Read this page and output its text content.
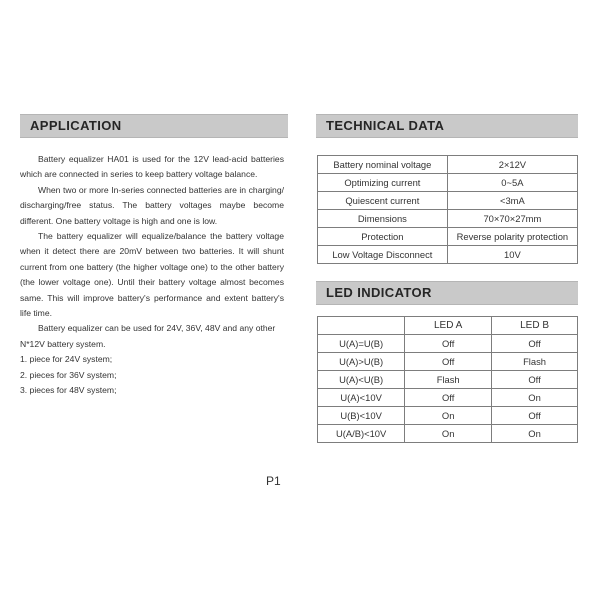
APPLICATION

Battery equalizer HA01 is used for the 12V lead-acid batteries which are connected in series to keep battery voltage balance.

When two or more In-series connected batteries are in charging/ discharging/free status. The battery voltages maybe become different. One battery voltage is high and one is low.

The battery equalizer will equalize/balance the battery voltage when it detect there are 20mV between two batteries. It will shunt current from one battery (the higher voltage one) to the other battery (the lower voltage one). Until their battery voltage almost becomes same. This will improve battery's performance and extent battery's life time.

Battery equalizer can be used for 24V, 36V, 48V and any other

N*12V battery system.

1. piece for 24V system;
2. pieces for 36V system;
3. pieces for 48V system;
TECHNICAL DATA
Battery nominal voltage	2×12V
Optimizing current	0~5A
Quiescent current	<3mA
Dimensions	70×70×27mm
Protection	Reverse polarity protection
Low Voltage Disconnect	10V
LED INDICATOR
	LED A	LED B
U(A)=U(B)	Off	Off
U(A)>U(B)	Off	Flash
U(A)<U(B)	Flash	Off
U(A)<10V	Off	On
U(B)<10V	On	Off
U(A/B)<10V	On	On
P1
